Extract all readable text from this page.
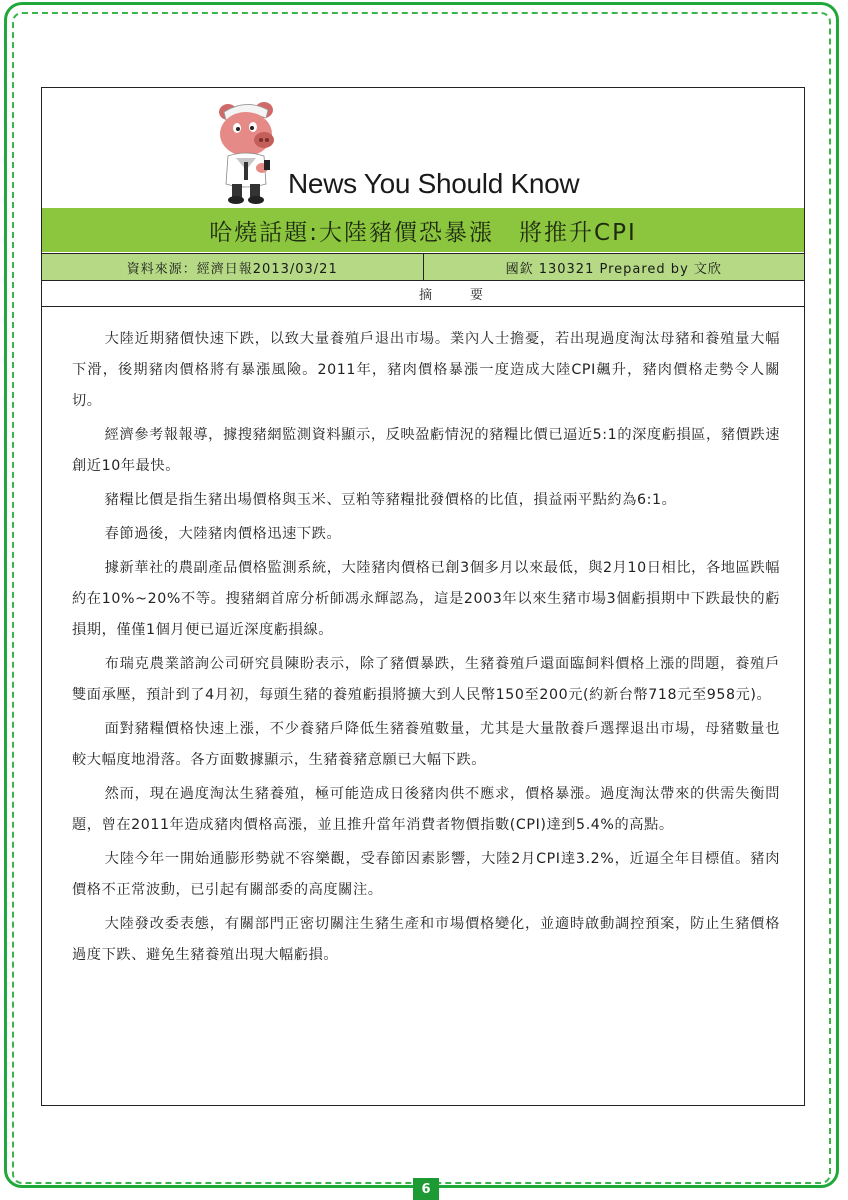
News You Should Know
哈燒話題:大陸豬價恐暴漲　將推升CPI
資料來源：經濟日報2013/03/21	國欽 130321 Prepared by 文欣
摘　　要

大陸近期豬價快速下跌，以致大量養殖戶退出市場。業內人士擔憂，若出現過度淘汰母豬和養殖量大幅下滑，後期豬肉價格將有暴漲風險。2011年，豬肉價格暴漲一度造成大陸CPI飆升，豬肉價格走勢令人關切。

經濟參考報報導，據搜豬網監測資料顯示，反映盈虧情況的豬糧比價已逼近5:1的深度虧損區，豬價跌速創近10年最快。

豬糧比價是指生豬出場價格與玉米、豆粕等豬糧批發價格的比值，損益兩平點約為6:1。

春節過後，大陸豬肉價格迅速下跌。

據新華社的農副產品價格監測系統，大陸豬肉價格已創3個多月以來最低，與2月10日相比，各地區跌幅約在10%~20%不等。搜豬網首席分析師馮永輝認為，這是2003年以來生豬市場3個虧損期中下跌最快的虧損期，僅僅1個月便已逼近深度虧損線。

布瑞克農業諮詢公司研究員陳盼表示，除了豬價暴跌，生豬養殖戶還面臨飼料價格上漲的問題，養殖戶雙面承壓，預計到了4月初，每頭生豬的養殖虧損將擴大到人民幣150至200元(約新台幣718元至958元)。

面對豬糧價格快速上漲，不少養豬戶降低生豬養殖數量，尤其是大量散養戶選擇退出市場，母豬數量也較大幅度地滑落。各方面數據顯示，生豬養豬意願已大幅下跌。

然而，現在過度淘汰生豬養殖，極可能造成日後豬肉供不應求，價格暴漲。過度淘汰帶來的供需失衡問題，曾在2011年造成豬肉價格高漲，並且推升當年消費者物價指數(CPI)達到5.4%的高點。

大陸今年一開始通膨形勢就不容樂觀，受春節因素影響，大陸2月CPI達3.2%，近逼全年目標值。豬肉價格不正常波動，已引起有關部委的高度關注。

大陸發改委表態，有關部門正密切關注生豬生產和市場價格變化，並適時啟動調控預案，防止生豬價格過度下跌、避免生豬養殖出現大幅虧損。

6
